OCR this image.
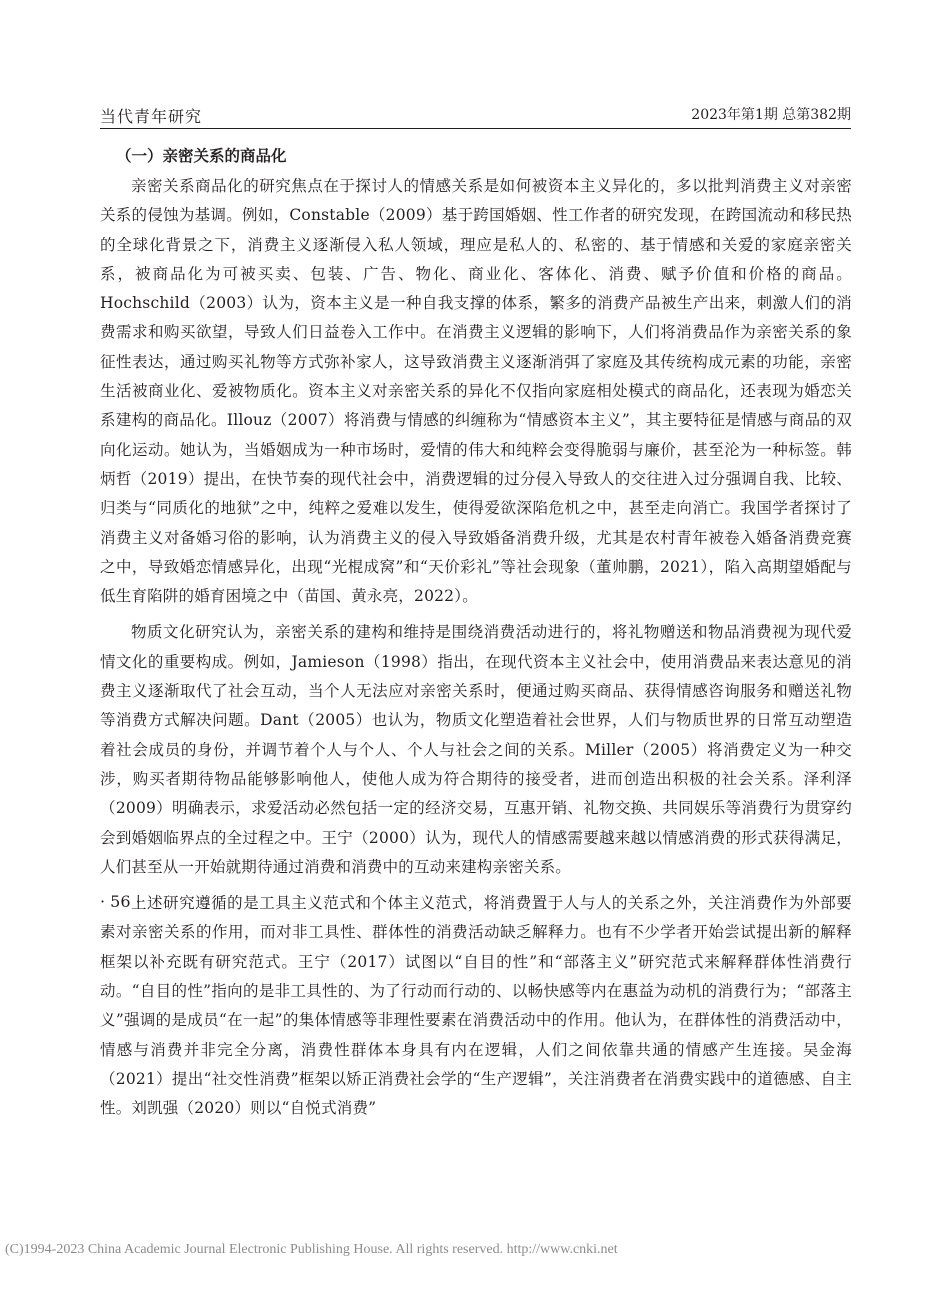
当代青年研究	2023年第1期 总第382期
（一）亲密关系的商品化

亲密关系商品化的研究焦点在于探讨人的情感关系是如何被资本主义异化的，多以批判消费主义对亲密关系的侵蚀为基调。例如，Constable（2009）基于跨国婚姻、性工作者的研究发现，在跨国流动和移民热的全球化背景之下，消费主义逐渐侵入私人领域，理应是私人的、私密的、基于情感和关爱的家庭亲密关系，被商品化为可被买卖、包装、广告、物化、商业化、客体化、消费、赋予价值和价格的商品。Hochschild（2003）认为，资本主义是一种自我支撑的体系，繁多的消费产品被生产出来，刺激人们的消费需求和购买欲望，导致人们日益卷入工作中。在消费主义逻辑的影响下，人们将消费品作为亲密关系的象征性表达，通过购买礼物等方式弥补家人，这导致消费主义逐渐消弭了家庭及其传统构成元素的功能，亲密生活被商业化、爱被物质化。资本主义对亲密关系的异化不仅指向家庭相处模式的商品化，还表现为婚恋关系建构的商品化。Illouz（2007）将消费与情感的纠缠称为“情感资本主义”，其主要特征是情感与商品的双向化运动。她认为，当婚姻成为一种市场时，爱情的伟大和纯粹会变得脆弱与廉价，甚至沦为一种标签。韩炳哲（2019）提出，在快节奏的现代社会中，消费逻辑的过分侵入导致人的交往进入过分强调自我、比较、归类与“同质化的地狱”之中，纯粹之爱难以发生，使得爱欲深陷危机之中，甚至走向消亡。我国学者探讨了消费主义对备婚习俗的影响，认为消费主义的侵入导致婚备消费升级，尤其是农村青年被卷入婚备消费竞赛之中，导致婚恋情感异化，出现“光棍成窝”和“天价彩礼”等社会现象（董帅鹏，2021），陷入高期望婚配与低生育陷阱的婚育困境之中（苗国、黄永亮，2022）。

物质文化研究认为，亲密关系的建构和维持是围绕消费活动进行的，将礼物赠送和物品消费视为现代爱情文化的重要构成。例如，Jamieson（1998）指出，在现代资本主义社会中，使用消费品来表达意见的消费主义逐渐取代了社会互动，当个人无法应对亲密关系时，便通过购买商品、获得情感咨询服务和赠送礼物等消费方式解决问题。Dant（2005）也认为，物质文化塑造着社会世界，人们与物质世界的日常互动塑造着社会成员的身份，并调节着个人与个人、个人与社会之间的关系。Miller（2005）将消费定义为一种交涉，购买者期待物品能够影响他人，使他人成为符合期待的接受者，进而创造出积极的社会关系。泽利泽（2009）明确表示，求爱活动必然包括一定的经济交易，互惠开销、礼物交换、共同娱乐等消费行为贯穿约会到婚姻临界点的全过程之中。王宁（2000）认为，现代人的情感需要越来越以情感消费的形式获得满足，人们甚至从一开始就期待通过消费和消费中的互动来建构亲密关系。

上述研究遵循的是工具主义范式和个体主义范式，将消费置于人与人的关系之外，关注消费作为外部要素对亲密关系的作用，而对非工具性、群体性的消费活动缺乏解释力。也有不少学者开始尝试提出新的解释框架以补充既有研究范式。王宁（2017）试图以“自目的性”和“部落主义”研究范式来解释群体性消费行动。“自目的性”指向的是非工具性的、为了行动而行动的、以畅快感等内在惠益为动机的消费行为；“部落主义”强调的是成员“在一起”的集体情感等非理性要素在消费活动中的作用。他认为，在群体性的消费活动中，情感与消费并非完全分离，消费性群体本身具有内在逻辑，人们之间依靠共通的情感产生连接。吴金海（2021）提出“社交性消费”框架以矫正消费社会学的“生产逻辑”，关注消费者在消费实践中的道德感、自主性。刘凯强（2020）则以“自悦式消费”

· 56 ·
(C)1994-2023 China Academic Journal Electronic Publishing House. All rights reserved. http://www.cnki.net
